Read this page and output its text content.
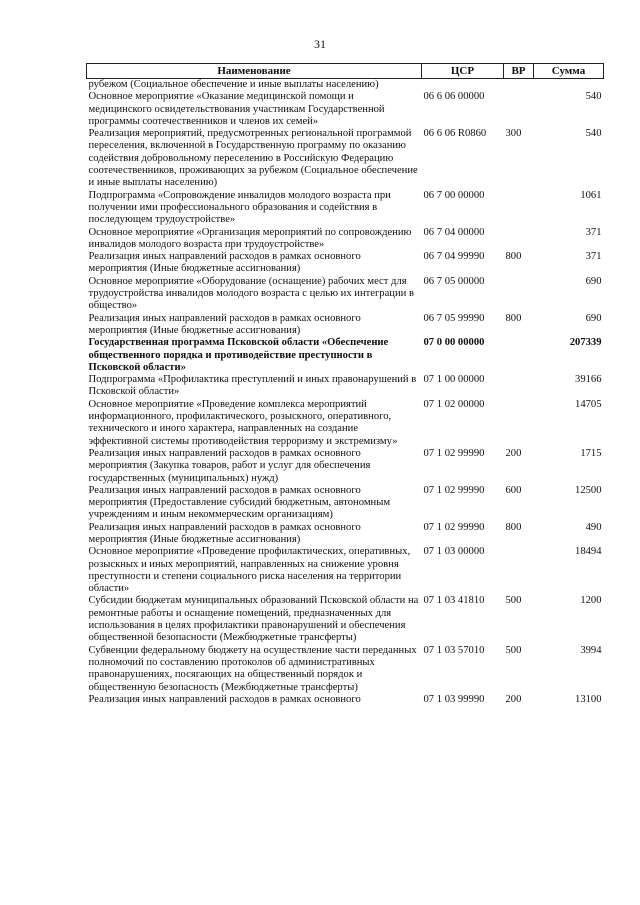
31
Наименование	ЦСР	ВР	Сумма
рубежом (Социальное обеспечение и иные выплаты населению)			
Основное мероприятие «Оказание медицинской помощи и медицинского освидетельствования участникам Государственной программы соотечественников и членов их семей»	06 6 06 00000		540
Реализация мероприятий, предусмотренных региональной программой переселения, включенной в Государственную программу по оказанию содействия добровольному переселению в Российскую Федерацию соотечественников, проживающих за рубежом (Социальное обеспечение и иные выплаты населению)	06 6 06 R0860	300	540
Подпрограмма «Сопровождение инвалидов молодого возраста при получении ими профессионального образования и содействия в последующем трудоустройстве»	06 7 00 00000		1061
Основное мероприятие «Организация мероприятий по сопровождению инвалидов молодого возраста при трудоустройстве»	06 7 04 00000		371
Реализация иных направлений расходов в рамках основного мероприятия (Иные бюджетные ассигнования)	06 7 04 99990	800	371
Основное мероприятие «Оборудование (оснащение) рабочих мест для трудоустройства инвалидов молодого возраста с целью их интеграции в общество»	06 7 05 00000		690
Реализация иных направлений расходов в рамках основного мероприятия (Иные бюджетные ассигнования)	06 7 05 99990	800	690
Государственная программа Псковской области «Обеспечение общественного порядка и противодействие преступности в Псковской области»	07 0 00 00000		207339
Подпрограмма «Профилактика преступлений и иных правонарушений в Псковской области»	07 1 00 00000		39166
Основное мероприятие «Проведение комплекса мероприятий информационного, профилактического, розыскного, оперативного, технического и иного характера, направленных на создание эффективной системы противодействия терроризму и экстремизму»	07 1 02 00000		14705
Реализация иных направлений расходов в рамках основного мероприятия (Закупка товаров, работ и услуг для обеспечения государственных (муниципальных) нужд)	07 1 02 99990	200	1715
Реализация иных направлений расходов в рамках основного мероприятия (Предоставление субсидий бюджетным, автономным учреждениям и иным некоммерческим организациям)	07 1 02 99990	600	12500
Реализация иных направлений расходов в рамках основного мероприятия (Иные бюджетные ассигнования)	07 1 02 99990	800	490
Основное мероприятие «Проведение профилактических, оперативных, розыскных и иных мероприятий, направленных на снижение уровня преступности и степени социального риска населения на территории области»	07 1 03 00000		18494
Субсидии бюджетам муниципальных образований Псковской области на ремонтные работы и оснащение помещений, предназначенных для использования в целях профилактики правонарушений и обеспечения общественной безопасности (Межбюджетные трансферты)	07 1 03 41810	500	1200
Субвенции федеральному бюджету на осуществление части переданных полномочий по составлению протоколов об административных правонарушениях, посягающих на общественный порядок и общественную безопасность (Межбюджетные трансферты)	07 1 03 57010	500	3994
Реализация иных направлений расходов в рамках основного	07 1 03 99990	200	13100
